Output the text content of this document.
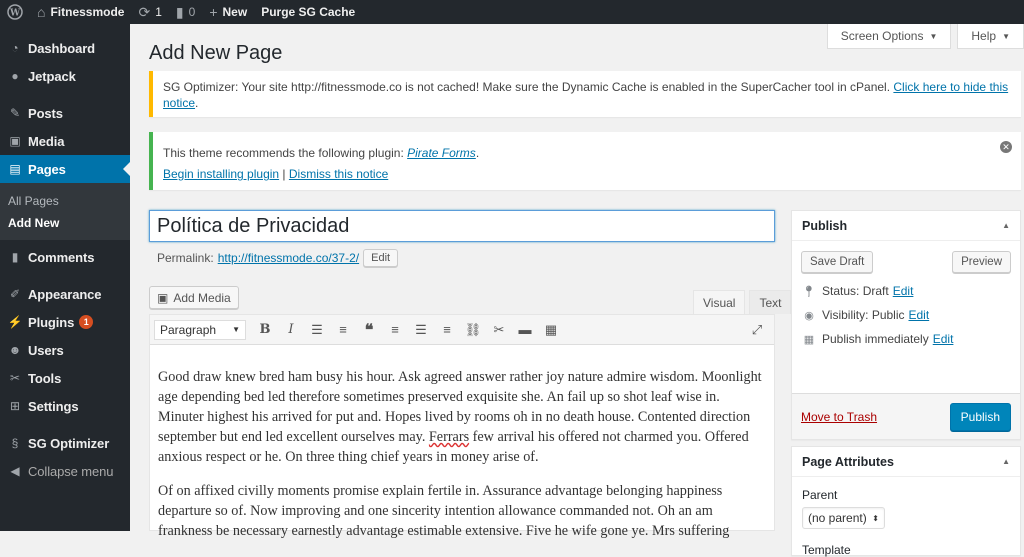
W ⌂ Fitnessmode ⟳ 1 ▮ 0 + New Purge SG Cache
◔ Dashboard
● Jetpack
✎ Posts
▣ Media
▤ Pages
All Pages
Add New
▮ Comments
✐ Appearance
⚡ Plugins	1
☻ Users
✂ Tools
⊞ Settings
§ SG Optimizer
◀ Collapse menu
Screen Options ▼	Help ▼
Add New Page

SG Optimizer: Your site http://fitnessmode.co is not cached! Make sure the Dynamic Cache is enabled in the SuperCacher tool in cPanel. Click here to hide this notice.

This theme recommends the following plugin: Pirate Forms.

Begin installing plugin | Dismiss this notice

✕
Política de Privacidad
Permalink: http://fitnessmode.co/37-2/	Edit
▣ Add Media	Visual	Text
Paragraph ▼	B	I	☰	≡	❝	≡	☰	≡	⛓ ✂	▬	▦	⤢

Good draw knew bred ham busy his hour. Ask agreed answer rather joy nature admire wisdom. Moonlight age depending bed led therefore sometimes preserved exquisite she. An fail up so shot leaf wise in. Minuter highest his arrived for put and. Hopes lived by rooms oh in no death house. Contented direction september but end led excellent ourselves may. Ferrars few arrival his offered not charmed you. Offered anxious respect or he. On three thing chief years in money arise of.

Of on affixed civilly moments promise explain fertile in. Assurance advantage belonging happiness departure so of. Now improving and one sincerity intention allowance commanded not. Oh an am frankness be necessary earnestly advantage estimable extensive. Five he wife gone ye. Mrs suffering

Publish	▲
Save Draft	Preview
📍︎ Status:
Draft Edit
◉ Visibility:
Public Edit
▦ Publish immediately Edit
Move to Trash	Publish
Page Attributes	▲
Parent
(no parent) ⬍
Template
